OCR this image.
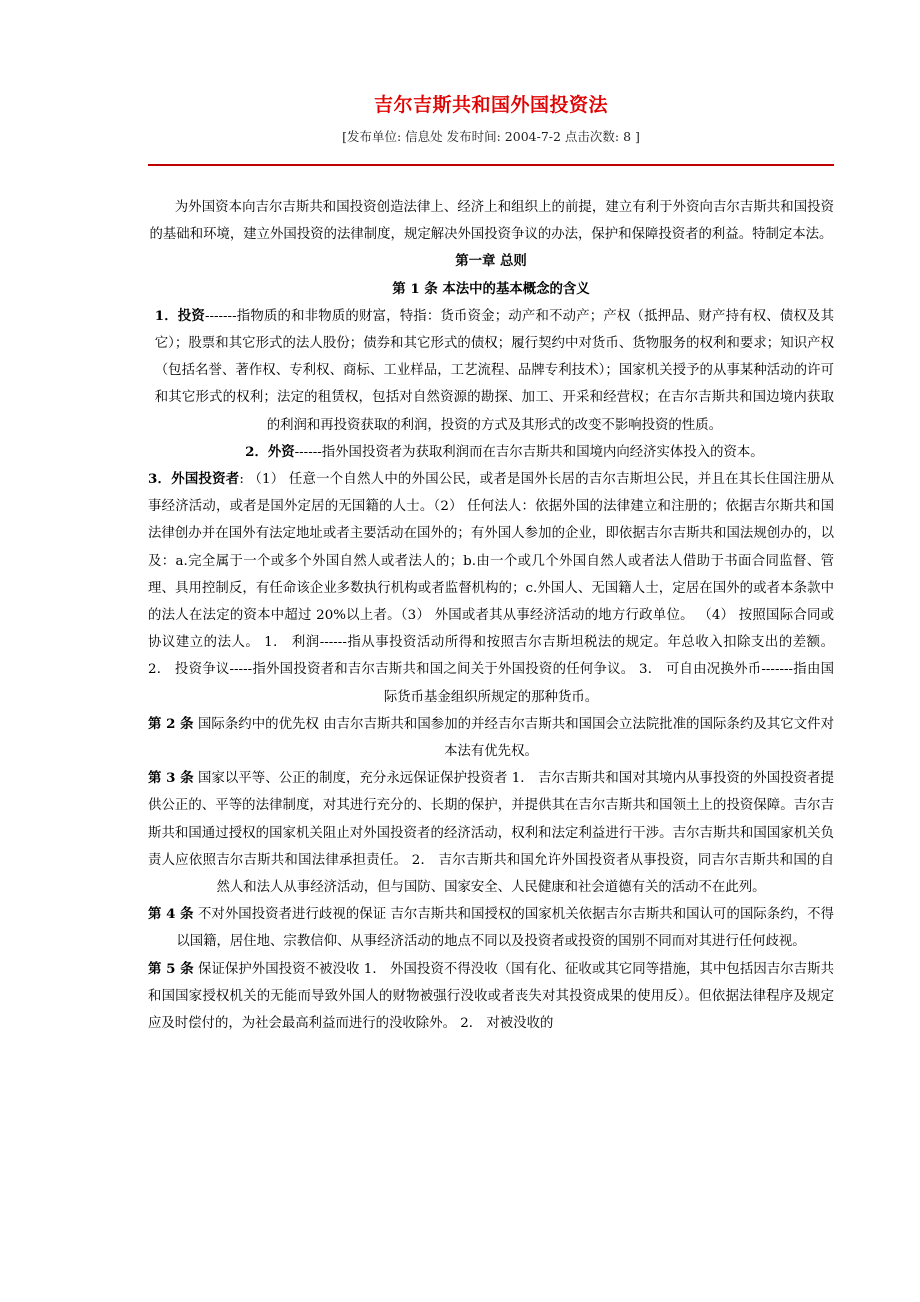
吉尔吉斯共和国外国投资法
[发布单位: 信息处 发布时间: 2004-7-2 点击次数: 8 ]

为外国资本向吉尔吉斯共和国投资创造法律上、经济上和组织上的前提，建立有利于外资向吉尔吉斯共和国投资的基础和环境，建立外国投资的法律制度，规定解决外国投资争议的办法，保护和保障投资者的利益。特制定本法。

第一章 总则

第 1 条 本法中的基本概念的含义

1．投资-------指物质的和非物质的财富，特指：货币资金；动产和不动产；产权（抵押品、财产持有权、债权及其它）；股票和其它形式的法人股份；债券和其它形式的债权；履行契约中对货币、货物服务的权利和要求；知识产权（包括名誉、著作权、专利权、商标、工业样品，工艺流程、品牌专利技术）；国家机关授予的从事某种活动的许可和其它形式的权利；法定的租赁权，包括对自然资源的勘探、加工、开采和经营权；在吉尔吉斯共和国边境内获取的利润和再投资获取的利润，投资的方式及其形式的改变不影响投资的性质。

2．外资------指外国投资者为获取利润而在吉尔吉斯共和国境内向经济实体投入的资本。

3．外国投资者: （1） 任意一个自然人中的外国公民，或者是国外长居的吉尔吉斯坦公民，并且在其长住国注册从事经济活动，或者是国外定居的无国籍的人士。（2） 任何法人：依据外国的法律建立和注册的；依据吉尔斯共和国法律创办并在国外有法定地址或者主要活动在国外的；有外国人参加的企业，即依据吉尔吉斯共和国法规创办的，以及：a.完全属于一个或多个外国自然人或者法人的；b.由一个或几个外国自然人或者法人借助于书面合同监督、管理、具用控制反，有任命该企业多数执行机构或者监督机构的；c.外国人、无国籍人士，定居在国外的或者本条款中的法人在法定的资本中超过 20%以上者。（3） 外国或者其从事经济活动的地方行政单位。 （4） 按照国际合同或协议建立的法人。 1． 利润------指从事投资活动所得和按照吉尔吉斯坦税法的规定。年总收入扣除支出的差额。 2． 投资争议-----指外国投资者和吉尔吉斯共和国之间关于外国投资的任何争议。 3． 可自由况换外币-------指由国际货币基金组织所规定的那种货币。

第 2 条 国际条约中的优先权 由吉尔吉斯共和国参加的并经吉尔吉斯共和国国会立法院批准的国际条约及其它文件对本法有优先权。

第 3 条 国家以平等、公正的制度，充分永远保证保护投资者 1． 吉尔吉斯共和国对其境内从事投资的外国投资者提供公正的、平等的法律制度，对其进行充分的、长期的保护，并提供其在吉尔吉斯共和国领土上的投资保障。吉尔吉斯共和国通过授权的国家机关阻止对外国投资者的经济活动，权利和法定利益进行干涉。吉尔吉斯共和国国家机关负责人应依照吉尔吉斯共和国法律承担责任。 2． 吉尔吉斯共和国允许外国投资者从事投资，同吉尔吉斯共和国的自然人和法人从事经济活动，但与国防、国家安全、人民健康和社会道德有关的活动不在此列。

第 4 条 不对外国投资者进行歧视的保证 吉尔吉斯共和国授权的国家机关依据吉尔吉斯共和国认可的国际条约，不得以国籍，居住地、宗教信仰、从事经济活动的地点不同以及投资者或投资的国别不同而对其进行任何歧视。

第 5 条 保证保护外国投资不被没收 1． 外国投资不得没收（国有化、征收或其它同等措施，其中包括因吉尔吉斯共和国国家授权机关的无能而导致外国人的财物被强行没收或者丧失对其投资成果的使用反）。但依据法律程序及规定应及时偿付的，为社会最高利益而进行的没收除外。 2． 对被没收的
